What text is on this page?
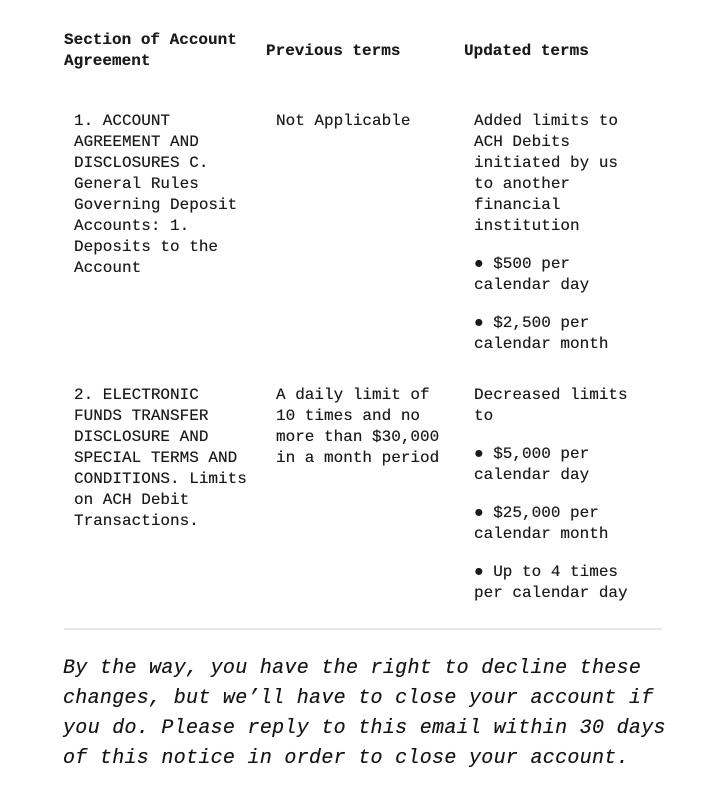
Section of Account Agreement
Previous terms	Updated terms
1. ACCOUNT AGREEMENT AND DISCLOSURES C. General Rules Governing Deposit Accounts: 1. Deposits to the Account
Not Applicable	Added limits to ACH Debits initiated by us to another financial institution
● $500 per calendar day
● $2,500 per calendar month
2. ELECTRONIC FUNDS TRANSFER DISCLOSURE AND SPECIAL TERMS AND CONDITIONS. Limits on ACH Debit Transactions.
A daily limit of 10 times and no more than $30,000 in a month period
Decreased limits to
● $5,000 per calendar day
● $25,000 per calendar month
● Up to 4 times per calendar day

By the way, you have the right to decline these changes, but we’ll have to close your account if you do. Please reply to this email within 30 days of this notice in order to close your account.
